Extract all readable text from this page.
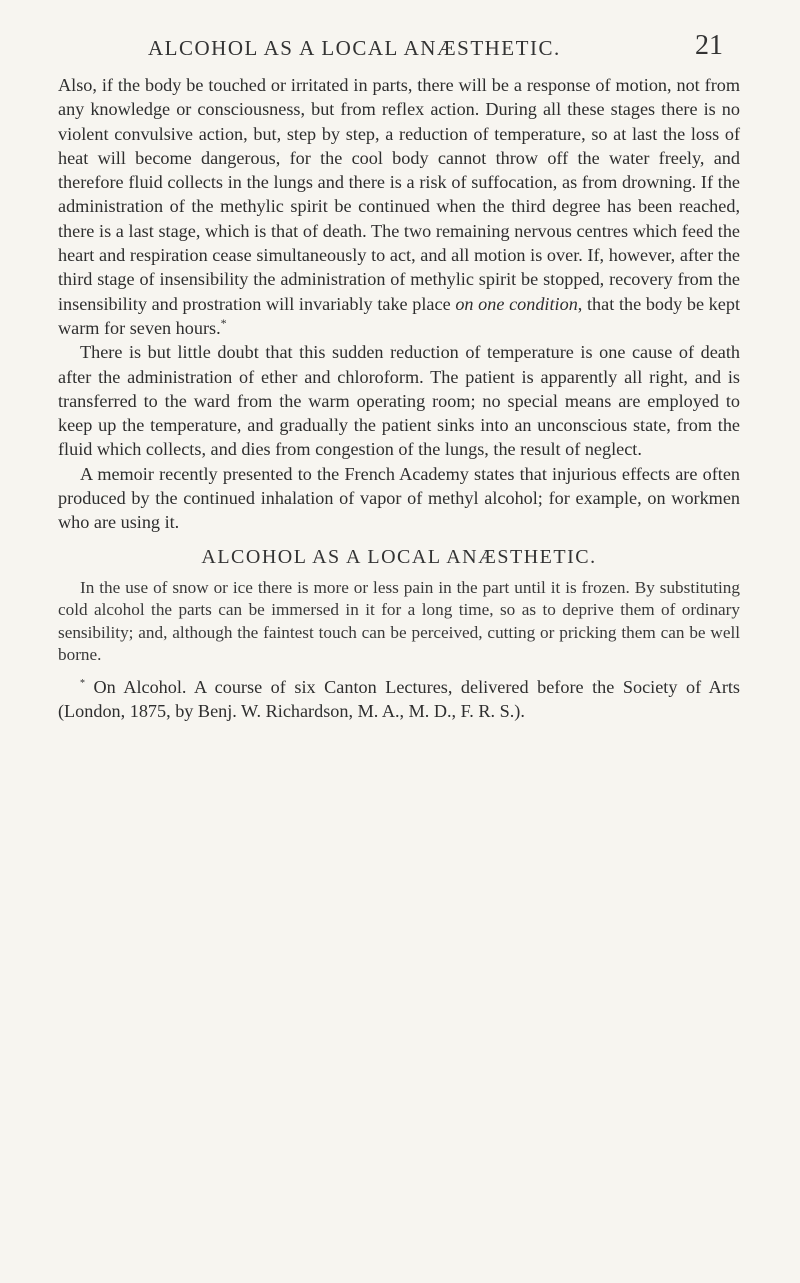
ALCOHOL AS A LOCAL ANÆSTHETIC.	21

Also, if the body be touched or irritated in parts, there will be a response of motion, not from any knowledge or consciousness, but from reflex action. During all these stages there is no violent convulsive action, but, step by step, a reduction of temperature, so at last the loss of heat will become dangerous, for the cool body cannot throw off the water freely, and therefore fluid collects in the lungs and there is a risk of suffocation, as from drowning. If the administration of the methylic spirit be continued when the third degree has been reached, there is a last stage, which is that of death. The two remaining nervous centres which feed the heart and respiration cease simultaneously to act, and all motion is over. If, however, after the third stage of insensibility the administration of methylic spirit be stopped, recovery from the insensibility and prostration will invariably take place on one condition, that the body be kept warm for seven hours.*

There is but little doubt that this sudden reduction of temperature is one cause of death after the administration of ether and chloroform. The patient is apparently all right, and is transferred to the ward from the warm operating room; no special means are employed to keep up the temperature, and gradually the patient sinks into an unconscious state, from the fluid which collects, and dies from congestion of the lungs, the result of neglect.

A memoir recently presented to the French Academy states that injurious effects are often produced by the continued inhalation of vapor of methyl alcohol; for example, on workmen who are using it.

ALCOHOL AS A LOCAL ANÆSTHETIC.

In the use of snow or ice there is more or less pain in the part until it is frozen. By substituting cold alcohol the parts can be immersed in it for a long time, so as to deprive them of ordinary sensibility; and, although the faintest touch can be perceived, cutting or pricking them can be well borne.

* On Alcohol. A course of six Canton Lectures, delivered before the Society of Arts (London, 1875, by Benj. W. Richardson, M. A., M. D., F. R. S.).
